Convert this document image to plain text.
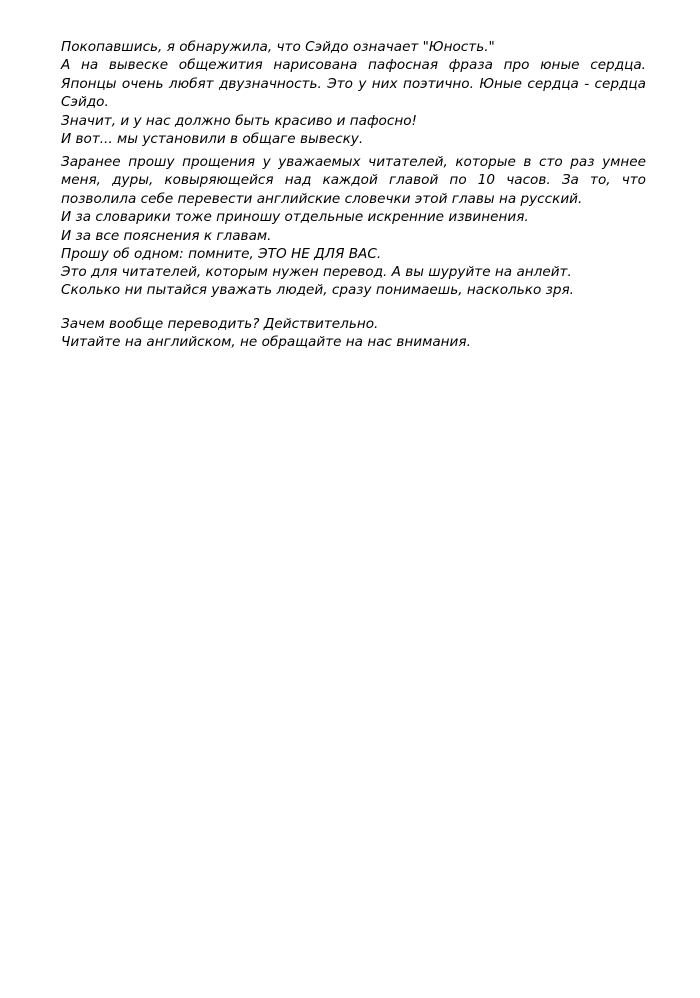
Покопавшись, я обнаружила, что Сэйдо означает "Юность."

А на вывеске общежития нарисована пафосная фраза про юные сердца. Японцы очень любят двузначность. Это у них поэтично. Юные сердца - сердца Сэйдо.

Значит, и у нас должно быть красиво и пафосно!

И вот... мы установили в общаге вывеску.

Заранее прошу прощения у уважаемых читателей, которые в сто раз умнее меня, дуры, ковыряющейся над каждой главой по 10 часов. За то, что позволила себе перевести английские словечки этой главы на русский.

И за словарики тоже приношу отдельные искренние извинения.

И за все пояснения к главам.

Прошу об одном: помните, ЭТО НЕ ДЛЯ ВАС.

Это для читателей, которым нужен перевод. А вы шуруйте на анлейт.

Сколько ни пытайся уважать людей, сразу понимаешь, насколько зря.

Зачем вообще переводить? Действительно.

Читайте на английском, не обращайте на нас внимания.
